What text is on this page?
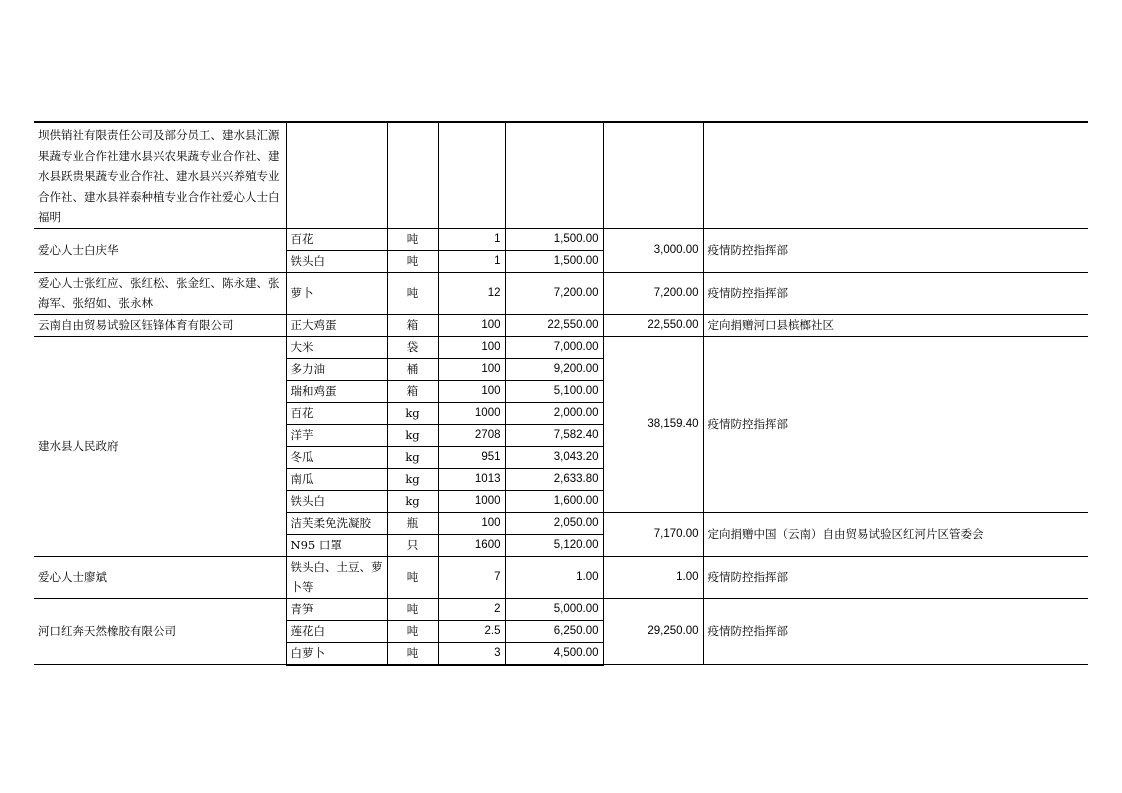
坝供销社有限责任公司及部分员工、建水县汇源果蔬专业合作社建水县兴农果蔬专业合作社、建水县跃贵果蔬专业合作社、建水县兴兴养殖专业合作社、建水县祥泰种植专业合作社爱心人士白福明						
爱心人士白庆华	百花	吨	1	1,500.00	3,000.00	疫情防控指挥部
	铁头白	吨	1	1,500.00		
爱心人士张红应、张红松、张金红、陈永建、张海军、张绍如、张永林	萝卜	吨	12	7,200.00	7,200.00	疫情防控指挥部
云南自由贸易试验区钰锋体育有限公司	正大鸡蛋	箱	100	22,550.00	22,550.00	定向捐赠河口县槟榔社区
建水县人民政府	大米	袋	100	7,000.00	38,159.40	疫情防控指挥部
	多力油	桶	100	9,200.00		
	瑞和鸡蛋	箱	100	5,100.00		
	百花	kg	1000	2,000.00		
	洋芋	kg	2708	7,582.40		
	冬瓜	kg	951	3,043.20		
	南瓜	kg	1013	2,633.80		
	铁头白	kg	1000	1,600.00		
	洁芙柔免洗凝胶	瓶	100	2,050.00	7,170.00	定向捐赠中国（云南）自由贸易试验区红河片区管委会
	N95 口罩	只	1600	5,120.00		
爱心人士廖斌	铁头白、土豆、萝卜等	吨	7	1.00	1.00	疫情防控指挥部
河口红奔天然橡胶有限公司	青笋	吨	2	5,000.00	29,250.00	疫情防控指挥部
	莲花白	吨	2.5	6,250.00		
	白萝卜	吨	3	4,500.00		
